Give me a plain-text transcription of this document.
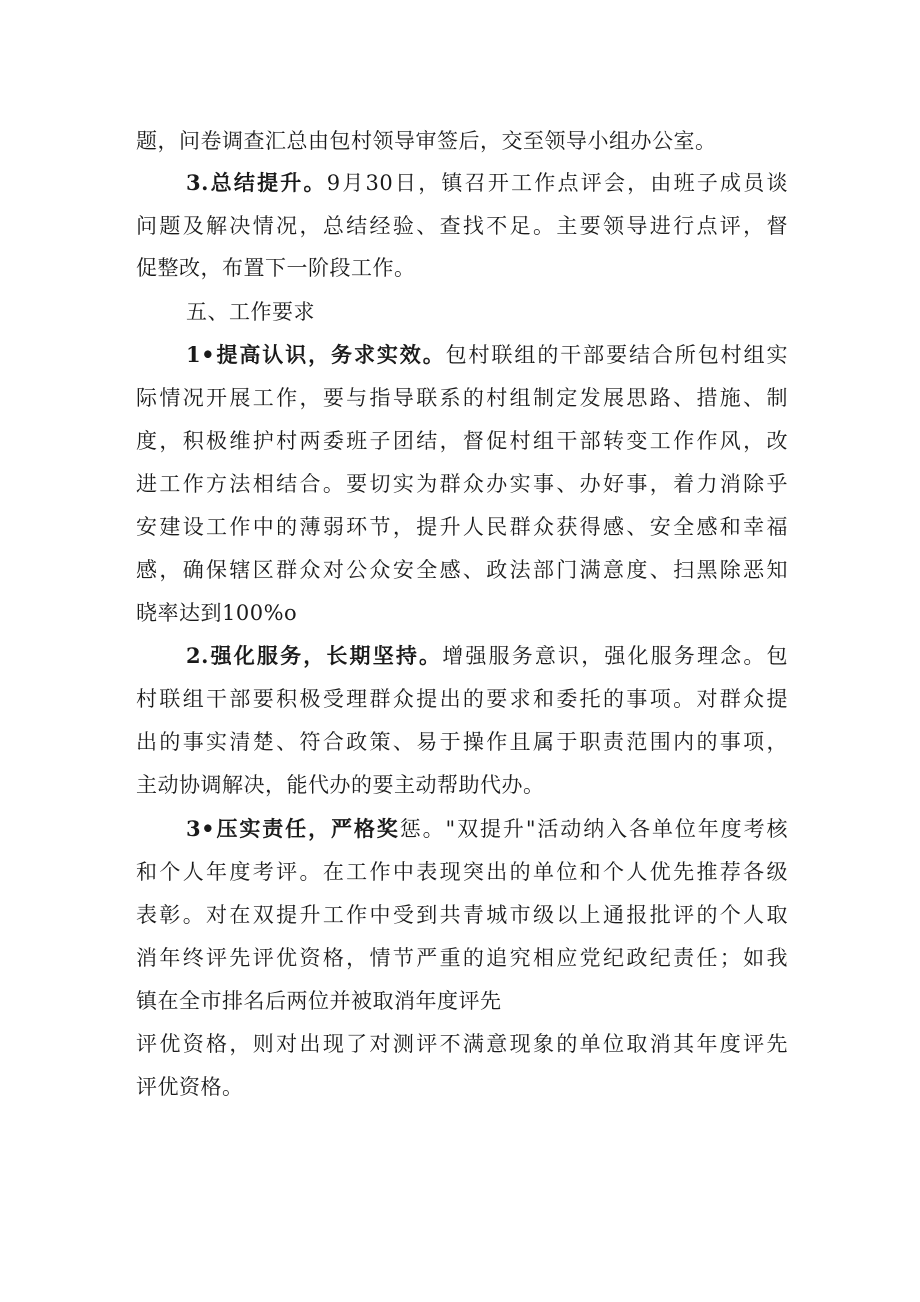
题，问卷调查汇总由包村领导审签后，交至领导小组办公室。
3.总结提升。9月30日，镇召开工作点评会，由班子成员谈
问题及解决情况，总结经验、查找不足。主要领导进行点评，督
促整改，布置下一阶段工作。
五、工作要求
1•提高认识，务求实效。包村联组的干部要结合所包村组实
际情况开展工作，要与指导联系的村组制定发展思路、措施、制
度，积极维护村两委班子团结，督促村组干部转变工作作风，改
进工作方法相结合。要切实为群众办实事、办好事，着力消除乎
安建设工作中的薄弱环节，提升人民群众获得感、安全感和幸福
感，确保辖区群众对公众安全感、政法部门满意度、扫黑除恶知
晓率达到100%o
2.强化服务，长期坚持。增强服务意识，强化服务理念。包
村联组干部要积极受理群众提出的要求和委托的事项。对群众提
出的事实清楚、符合政策、易于操作且属于职责范围内的事项，
主动协调解决，能代办的要主动帮助代办。
3•压实责任，严格奖惩。"双提升"活动纳入各单位年度考核
和个人年度考评。在工作中表现突出的单位和个人优先推荐各级
表彰。对在双提升工作中受到共青城市级以上通报批评的个人取
消年终评先评优资格，情节严重的追究相应党纪政纪责任；如我
镇在全市排名后两位并被取消年度评先
评优资格，则对出现了对测评不满意现象的单位取消其年度评先
评优资格。
